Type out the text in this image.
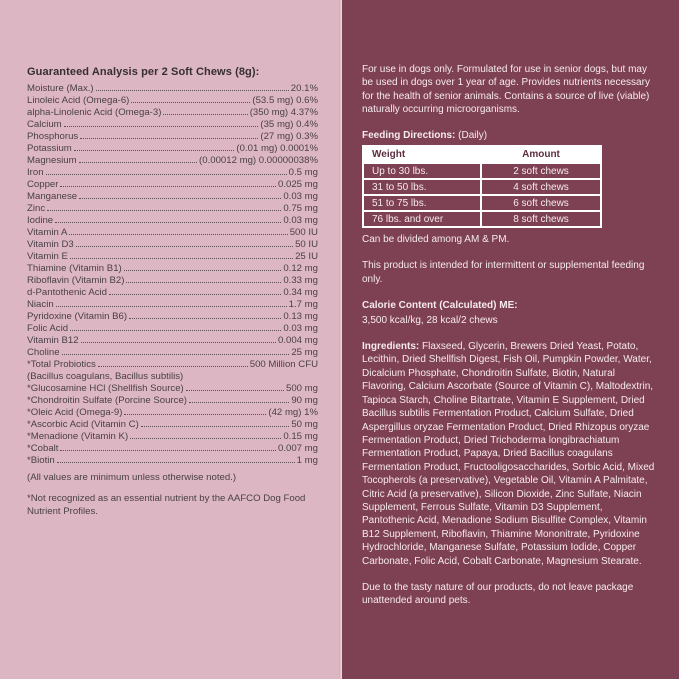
Guaranteed Analysis per 2 Soft Chews (8g):
Moisture (Max.)	20.1%
Linoleic Acid (Omega-6)	(53.5 mg) 0.6%
alpha-Linolenic Acid (Omega-3)	(350 mg) 4.37%
Calcium	(35 mg) 0.4%
Phosphorus	(27 mg) 0.3%
Potassium	(0.01 mg) 0.0001%
Magnesium	(0.00012 mg) 0.00000038%
Iron	0.5 mg
Copper	0.025 mg
Manganese	0.03 mg
Zinc	0.75 mg
Iodine	0.03 mg
Vitamin A	500 IU
Vitamin D3	50 IU
Vitamin E	25 IU
Thiamine (Vitamin B1)	0.12 mg
Riboflavin (Vitamin B2)	0.33 mg
d-Pantothenic Acid	0.34 mg
Niacin	1.7 mg
Pyridoxine (Vitamin B6)	0.13 mg
Folic Acid	0.03 mg
Vitamin B12	0.004 mg
Choline	25 mg
*Total Probiotics	500 Million CFU
(Bacillus coagulans, Bacillus subtilis)
*Glucosamine HCl (Shellfish Source)	500 mg
*Chondroitin Sulfate (Porcine Source)	90 mg
*Oleic Acid (Omega-9)	(42 mg) 1%
*Ascorbic Acid (Vitamin C)	50 mg
*Menadione (Vitamin K)	0.15 mg
*Cobalt	0.007 mg
*Biotin	1 mg

(All values are minimum unless otherwise noted.)

*Not recognized as an essential nutrient by the AAFCO Dog Food Nutrient Profiles.

For use in dogs only. Formulated for use in senior dogs, but may be used in dogs over 1 year of age. Provides nutrients necessary for the health of senior animals. Contains a source of live (viable) naturally occurring microorganisms.

Feeding Directions: (Daily)

Weight	Amount
Up to 30 lbs.	2 soft chews
31 to 50 lbs.	4 soft chews
51 to 75 lbs.	6 soft chews
76 lbs. and over	8 soft chews

Can be divided among AM & PM.

This product is intended for intermittent or supplemental feeding only.

Calorie Content (Calculated) ME:

3,500 kcal/kg, 28 kcal/2 chews

Ingredients: Flaxseed, Glycerin, Brewers Dried Yeast, Potato, Lecithin, Dried Shellfish Digest, Fish Oil, Pumpkin Powder, Water, Dicalcium Phosphate, Chondroitin Sulfate, Biotin, Natural Flavoring, Calcium Ascorbate (Source of Vitamin C), Maltodextrin, Tapioca Starch, Choline Bitartrate, Vitamin E Supplement, Dried Bacillus subtilis Fermentation Product, Calcium Sulfate, Dried Aspergillus oryzae Fermentation Product, Dried Rhizopus oryzae Fermentation Product, Dried Trichoderma longibrachiatum Fermentation Product, Papaya, Dried Bacillus coagulans Fermentation Product, Fructooligosaccharides, Sorbic Acid, Mixed Tocopherols (a preservative), Vegetable Oil, Vitamin A Palmitate, Citric Acid (a preservative), Silicon Dioxide, Zinc Sulfate, Niacin Supplement, Ferrous Sulfate, Vitamin D3 Supplement, Pantothenic Acid, Menadione Sodium Bisulfite Complex, Vitamin B12 Supplement, Riboflavin, Thiamine Mononitrate, Pyridoxine Hydrochloride, Manganese Sulfate, Potassium Iodide, Copper Carbonate, Folic Acid, Cobalt Carbonate, Magnesium Stearate.

Due to the tasty nature of our products, do not leave package unattended around pets.
